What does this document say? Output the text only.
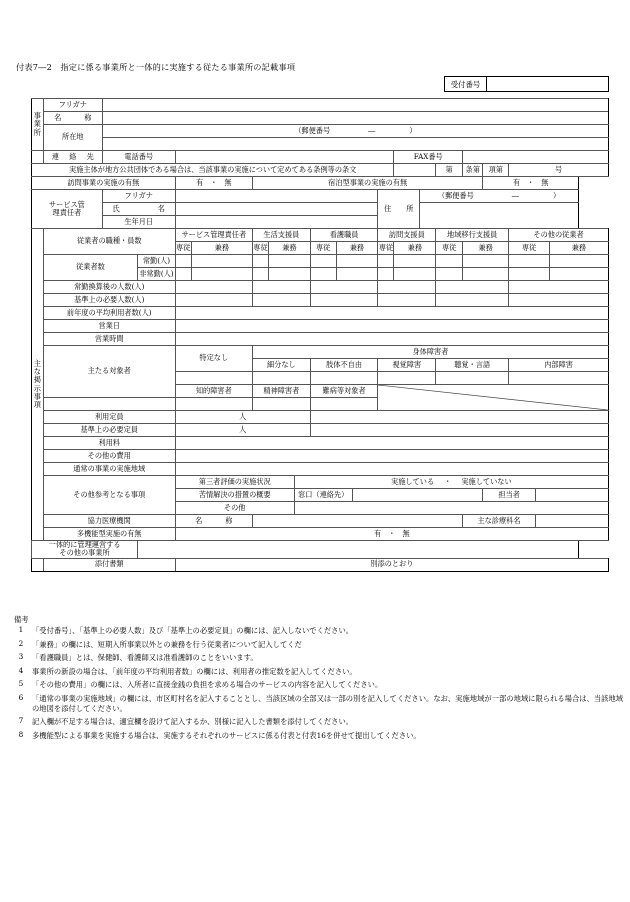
付表7―2　指定に係る事業所と一体的に実施する従たる事業所の記載事項
受付番号
事業所	フリガナ																			
	名　称																			
	所在地	（郵便番号 ― ）																		

	連 絡 先	電話番号											FAX番号							
実施主体が地方公共団体である場合は、当該事業の実施について定めてある条例等の条文															第	条第	項第	号		
訪問事業の実施の有無				有 ・ 無		宿泊型事業の実施の有無											有 ・ 無			
サービス管
理責任者		フリガナ										住　所		（郵便番号 ― ）						
		氏　　名																		
		生年月日																		

主な掲示事項	従業者の職種・員数			サービス管理責任者		生活支援員			看護職員			訪問支援員			地域移行支援員			その他の従業者		
				専従	兼務	専従	兼務		専従	兼務		専従	兼務		専従	兼務		専従		兼務
	従業者数		常勤(人)																	
			非常勤(人)																	
	常勤換算後の人数(人)																			
	基準上の必要人数(人)																			
	前年度の平均利用者数(人)																			
	営業日																			
	営業時間																			
	主たる対象者			特定なし		身体障害者														
						細分なし			肢体不自由			視覚障害			聴覚・言語			内部障害		

				知的障害者		精神障害者			難病等対象者	

	利用定員			人																
	基準上の必要定員			人																
	利用料																			
	その他の費用																			
	通常の事業の実施地域																			
	その他参考となる事項			第三者評価の実施状況				実施している ・ 実施していない												
				苦情解決の措置の概要				窓口（連絡先）									担当者			
				その他																
	協力医療機関			名　称												主な診療科名				
	多機能型実施の有無			有 ・ 無																
一体的に管理運営する
その他の事業所																				
	添付書類			別添のとおり																
備考
1	「受付番号」、「基準上の必要人数」及び「基準上の必要定員」の欄には、記入しないでください。
2	「兼務」の欄には、短期入所事業以外との兼務を行う従業者について記入してくだ
3	「看護職員」とは、保健師、看護師又は准看護師のことをいいます。
4	事業所の新設の場合は、「前年度の平均利用者数」の欄には、利用者の推定数を記入してください。
5	「その他の費用」の欄には、入所者に直接金銭の負担を求める場合のサービスの内容を記入してください。
6	「通常の事業の実施地域」の欄には、市区町村名を記入することとし、当該区域の全部又は一部の別を記入してください。なお、実施地域が一部の地域に限られる場合は、当該地域の地図を添付してください。
7	記入欄が不足する場合は、適宜欄を設けて記入するか、別様に記入した書類を添付してください。
8	多機能型による事業を実施する場合は、実施するそれぞれのサービスに係る付表と付表16を併せて提出してください。
